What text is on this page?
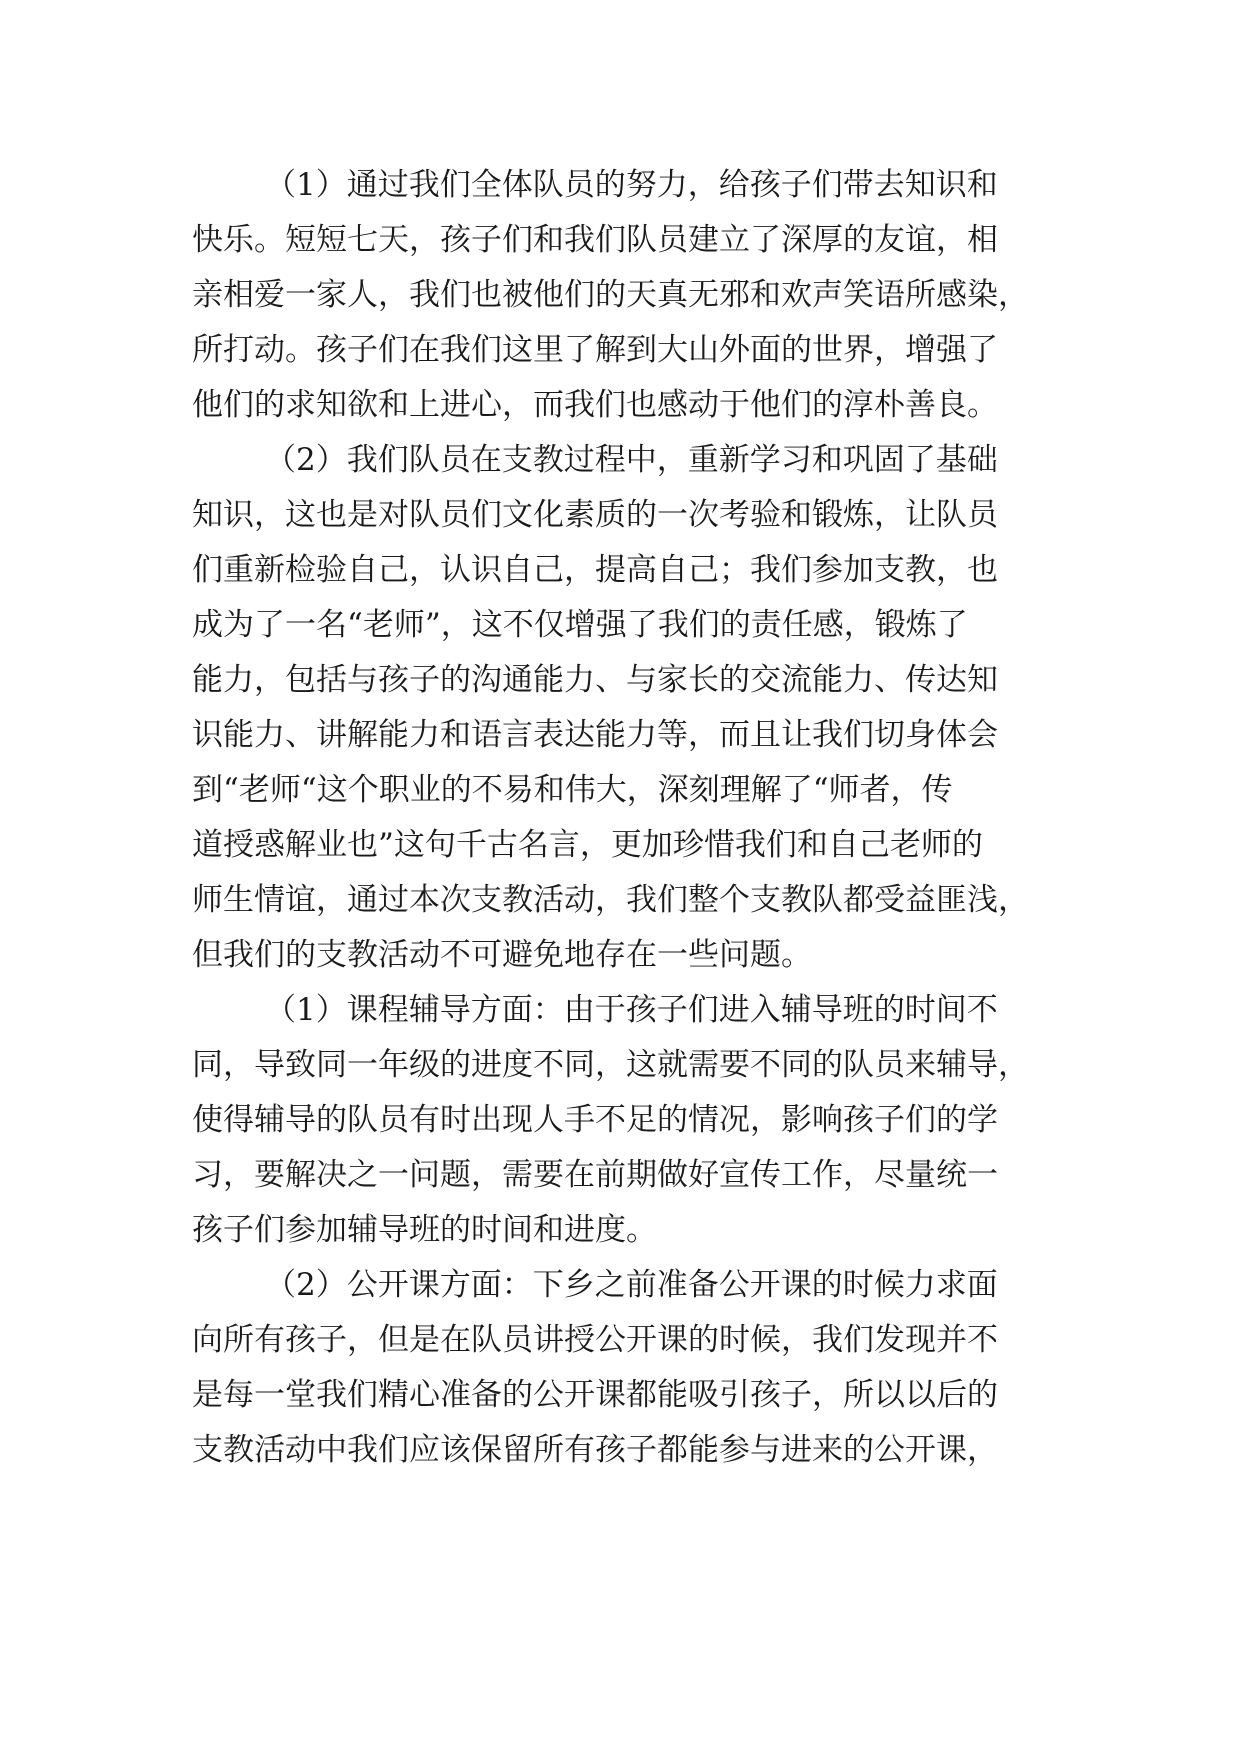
（1）通过我们全体队员的努力，给孩子们带去知识和

快乐。短短七天，孩子们和我们队员建立了深厚的友谊，相

亲相爱一家人，我们也被他们的天真无邪和欢声笑语所感染，

所打动。孩子们在我们这里了解到大山外面的世界，增强了

他们的求知欲和上进心，而我们也感动于他们的淳朴善良。

（2）我们队员在支教过程中，重新学习和巩固了基础

知识，这也是对队员们文化素质的一次考验和锻炼，让队员

们重新检验自己，认识自己，提高自己；我们参加支教，也

成为了一名“老师”，这不仅增强了我们的责任感，锻炼了

能力，包括与孩子的沟通能力、与家长的交流能力、传达知

识能力、讲解能力和语言表达能力等，而且让我们切身体会

到“老师“这个职业的不易和伟大，深刻理解了“师者，传

道授惑解业也”这句千古名言，更加珍惜我们和自己老师的

师生情谊，通过本次支教活动，我们整个支教队都受益匪浅，

但我们的支教活动不可避免地存在一些问题。

（1）课程辅导方面：由于孩子们进入辅导班的时间不

同，导致同一年级的进度不同，这就需要不同的队员来辅导，

使得辅导的队员有时出现人手不足的情况，影响孩子们的学

习，要解决之一问题，需要在前期做好宣传工作，尽量统一

孩子们参加辅导班的时间和进度。

（2）公开课方面：下乡之前准备公开课的时候力求面

向所有孩子，但是在队员讲授公开课的时候，我们发现并不

是每一堂我们精心准备的公开课都能吸引孩子，所以以后的

支教活动中我们应该保留所有孩子都能参与进来的公开课，
